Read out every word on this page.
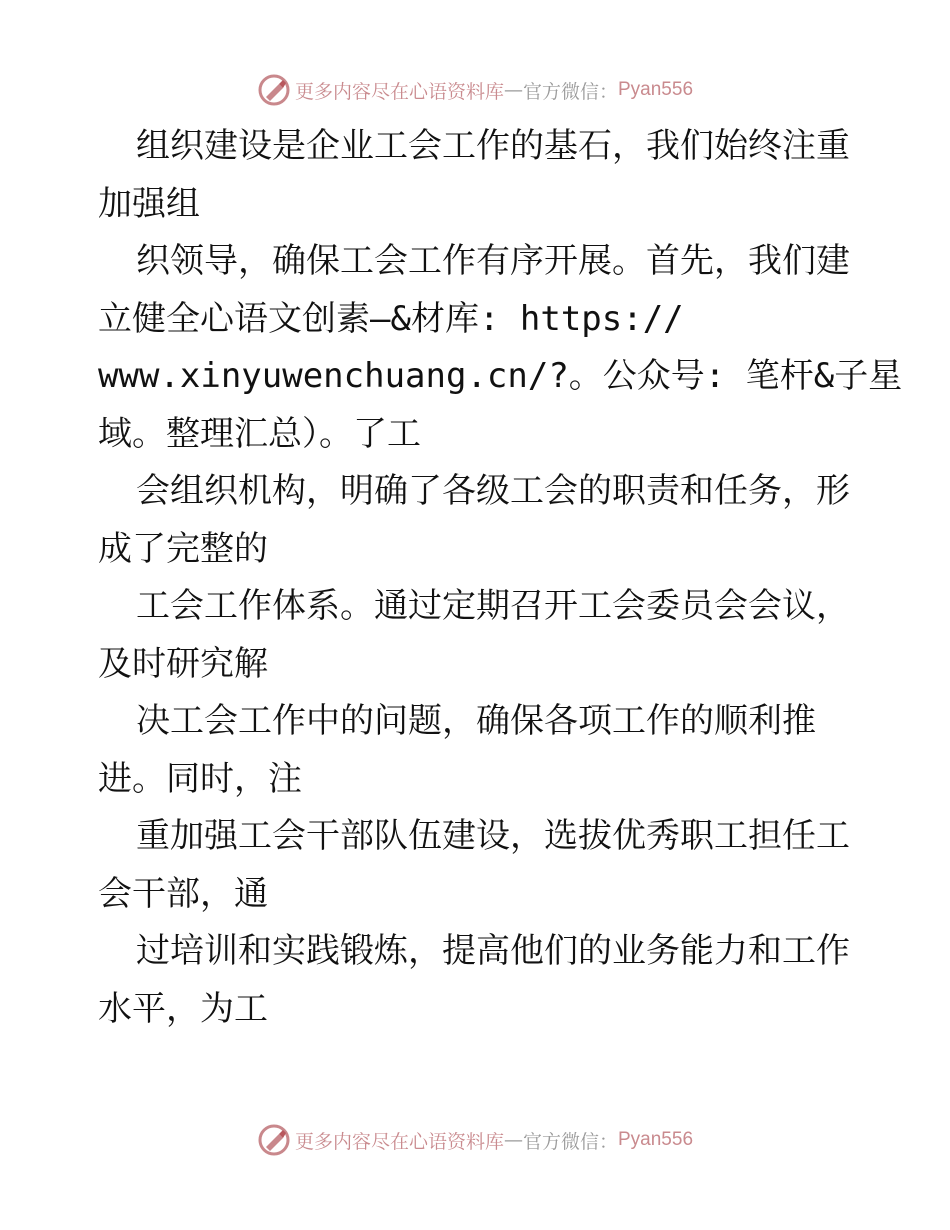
更多内容尽在心语资料库 — 官方微信： Pyan556
组织建设是企业工会工作的基石，我们始终注重
加强组
织领导，确保工会工作有序开展。首先，我们建
立健全心语文创素—&材库: https://
www.xinyuwenchuang.cn/?。公众号: 笔杆&子星
域。整理汇总）。了工
会组织机构，明确了各级工会的职责和任务，形
成了完整的
工会工作体系。通过定期召开工会委员会会议，
及时研究解
决工会工作中的问题，确保各项工作的顺利推
进。同时，注
重加强工会干部队伍建设，选拔优秀职工担任工
会干部，通
过培训和实践锻炼，提高他们的业务能力和工作
水平，为工
更多内容尽在心语资料库 — 官方微信： Pyan556
